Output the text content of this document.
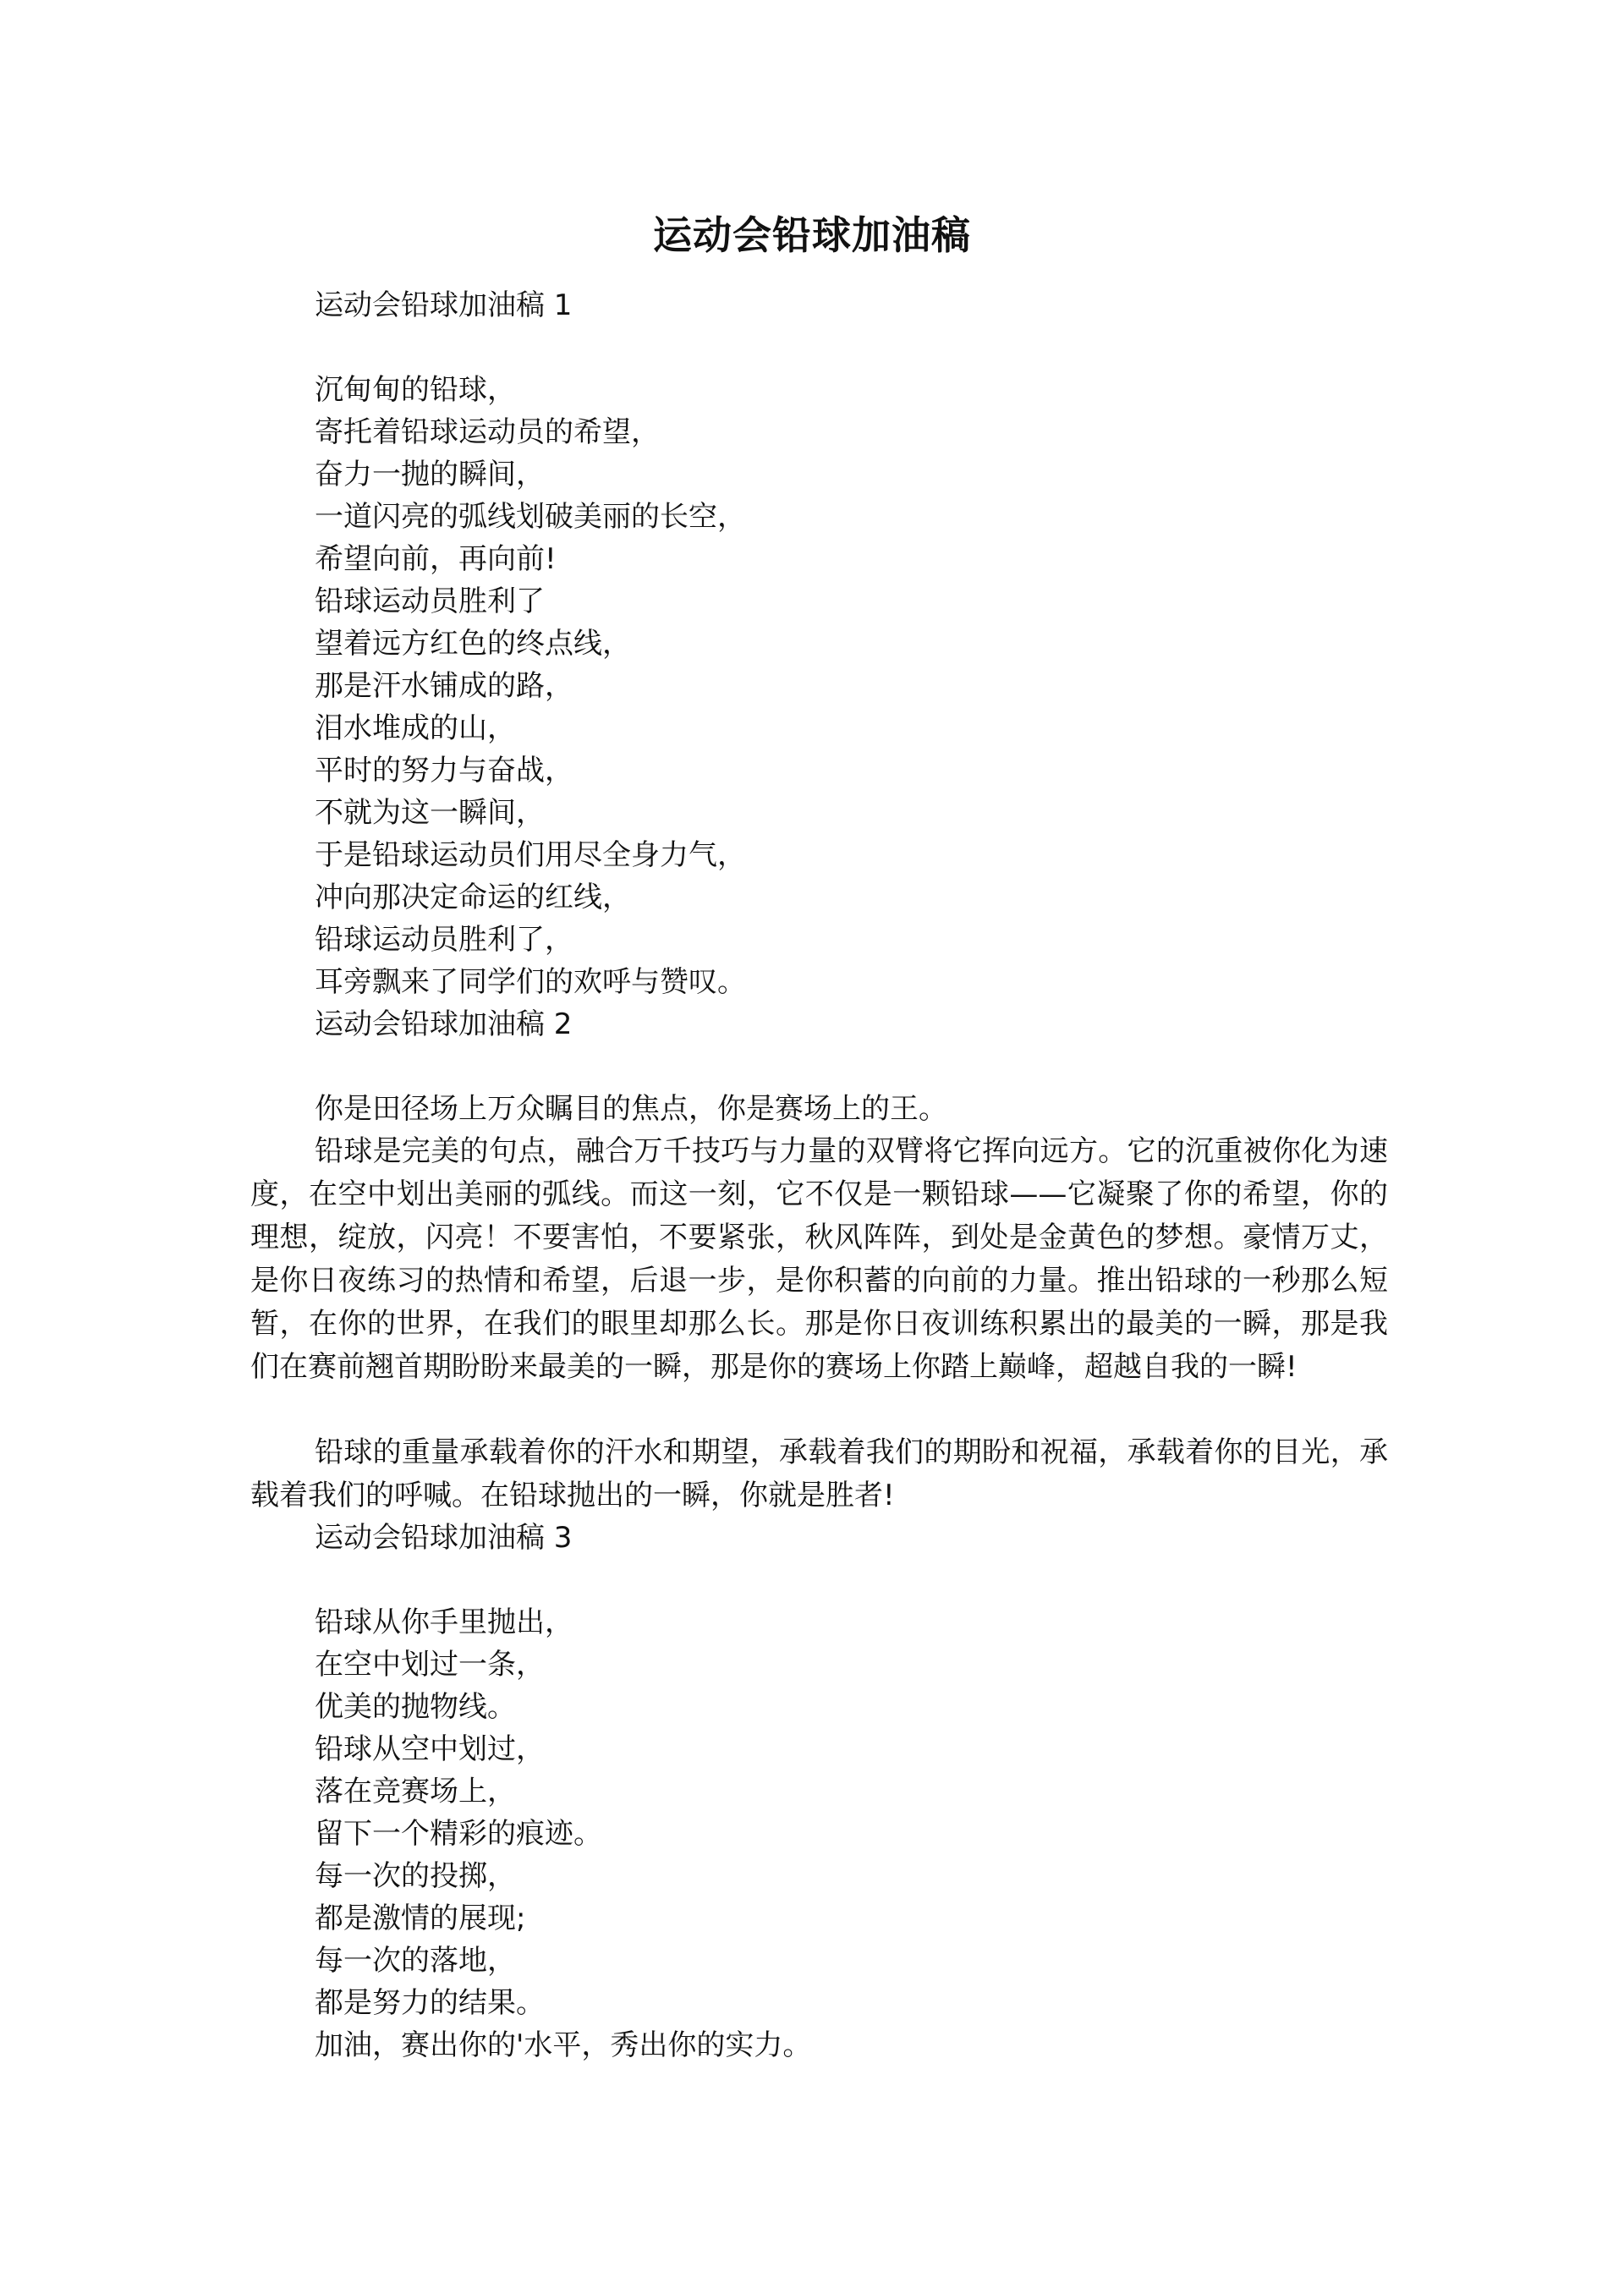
运动会铅球加油稿

运动会铅球加油稿 1

沉甸甸的铅球，

寄托着铅球运动员的希望，

奋力一抛的瞬间，

一道闪亮的弧线划破美丽的长空，

希望向前，再向前!

铅球运动员胜利了

望着远方红色的终点线，

那是汗水铺成的路，

泪水堆成的山，

平时的努力与奋战，

不就为这一瞬间，

于是铅球运动员们用尽全身力气，

冲向那决定命运的红线，

铅球运动员胜利了，

耳旁飘来了同学们的欢呼与赞叹。

运动会铅球加油稿 2

你是田径场上万众瞩目的焦点，你是赛场上的王。

铅球是完美的句点，融合万千技巧与力量的双臂将它挥向远方。它的沉重被你化为速度，在空中划出美丽的弧线。而这一刻，它不仅是一颗铅球——它凝聚了你的希望，你的理想，绽放，闪亮！不要害怕，不要紧张，秋风阵阵，到处是金黄色的梦想。豪情万丈，是你日夜练习的热情和希望，后退一步，是你积蓄的向前的力量。推出铅球的一秒那么短暂，在你的世界，在我们的眼里却那么长。那是你日夜训练积累出的最美的一瞬，那是我们在赛前翘首期盼盼来最美的一瞬，那是你的赛场上你踏上巅峰，超越自我的一瞬!

铅球的重量承载着你的汗水和期望，承载着我们的期盼和祝福，承载着你的目光，承载着我们的呼喊。在铅球抛出的一瞬，你就是胜者!

运动会铅球加油稿 3

铅球从你手里抛出，

在空中划过一条，

优美的抛物线。

铅球从空中划过，

落在竞赛场上，

留下一个精彩的痕迹。

每一次的投掷，

都是激情的展现;

每一次的落地，

都是努力的结果。

加油，赛出你的'水平，秀出你的实力。
